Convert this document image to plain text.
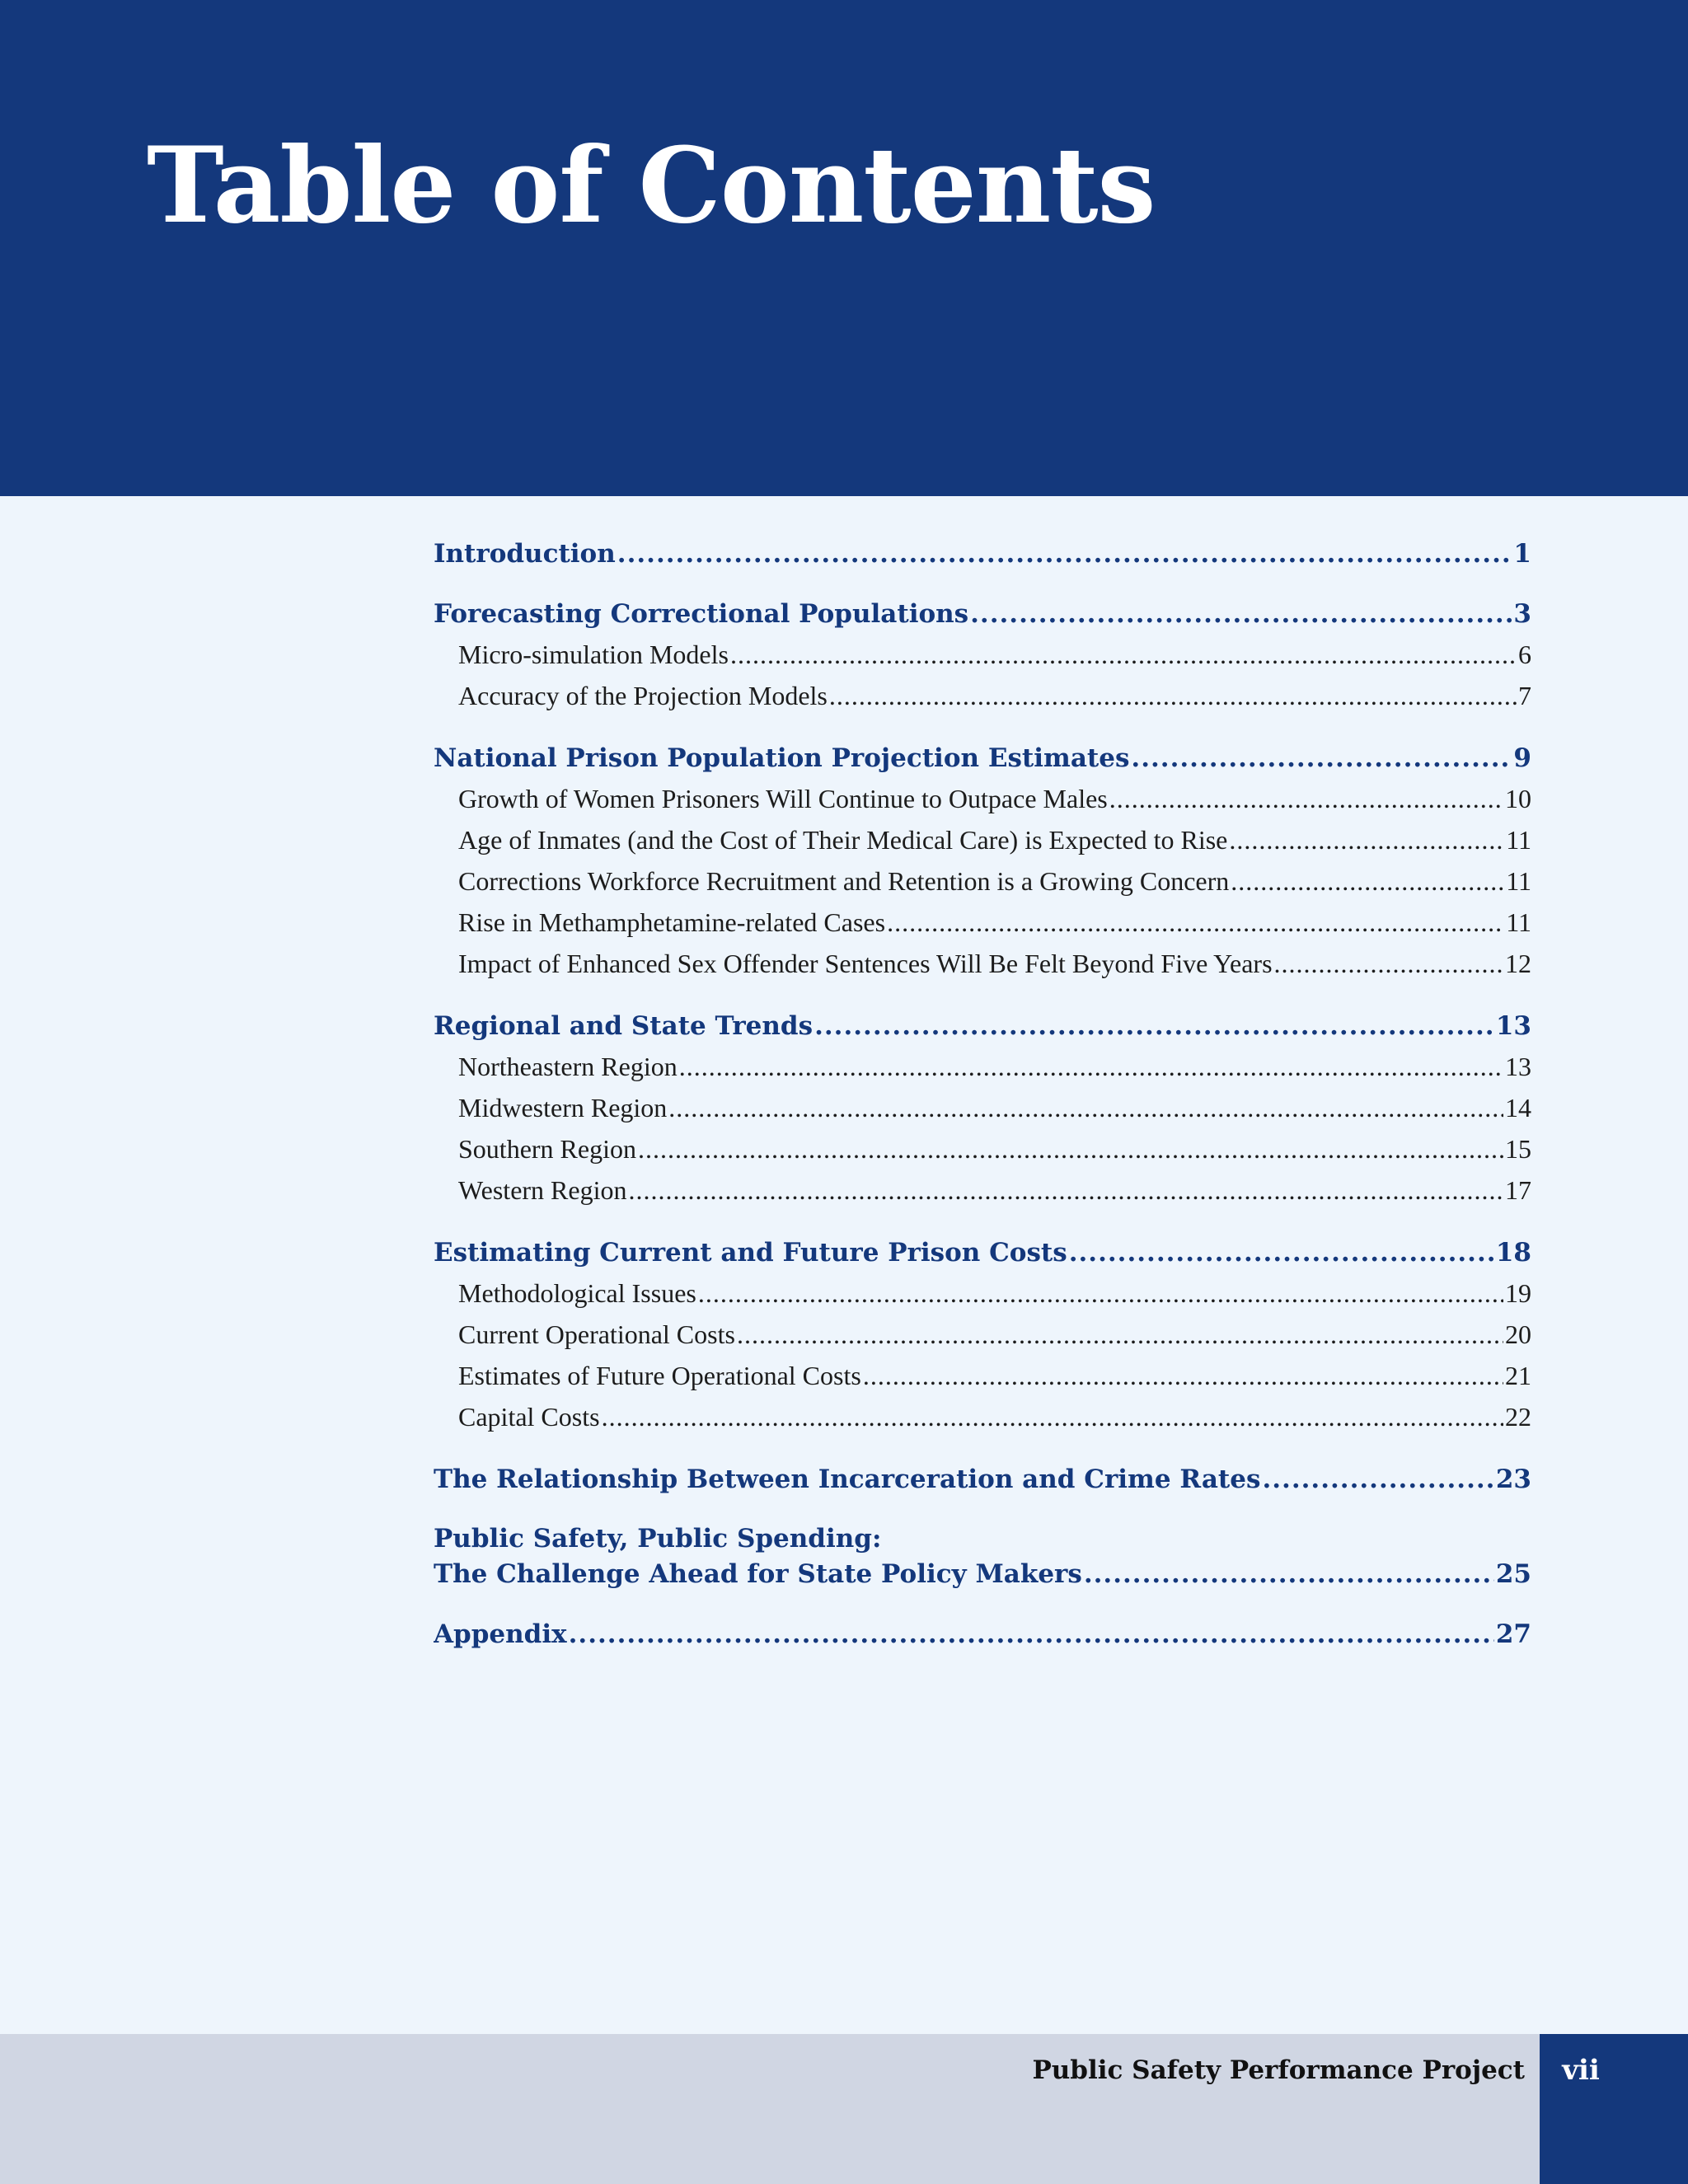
Table of Contents
Introduction .....	1
Forecasting Correctional Populations .....	3
Micro-simulation Models .....	6
Accuracy of the Projection Models .....	7
National Prison Population Projection Estimates .....	9
Growth of Women Prisoners Will Continue to Outpace Males .....	10
Age of Inmates (and the Cost of Their Medical Care) is Expected to Rise .....	11
Corrections Workforce Recruitment and Retention is a Growing Concern .....	11
Rise in Methamphetamine-related Cases .....	11
Impact of Enhanced Sex Offender Sentences Will Be Felt Beyond Five Years .....	12
Regional and State Trends .....	13
Northeastern Region .....	13
Midwestern Region .....	14
Southern Region .....	15
Western Region .....	17
Estimating Current and Future Prison Costs .....	18
Methodological Issues .....	19
Current Operational Costs .....	20
Estimates of Future Operational Costs .....	21
Capital Costs .....	22
The Relationship Between Incarceration and Crime Rates .....	23
Public Safety, Public Spending:
The Challenge Ahead for State Policy Makers .....	25
Appendix .....	27
Public Safety Performance Project	vii
